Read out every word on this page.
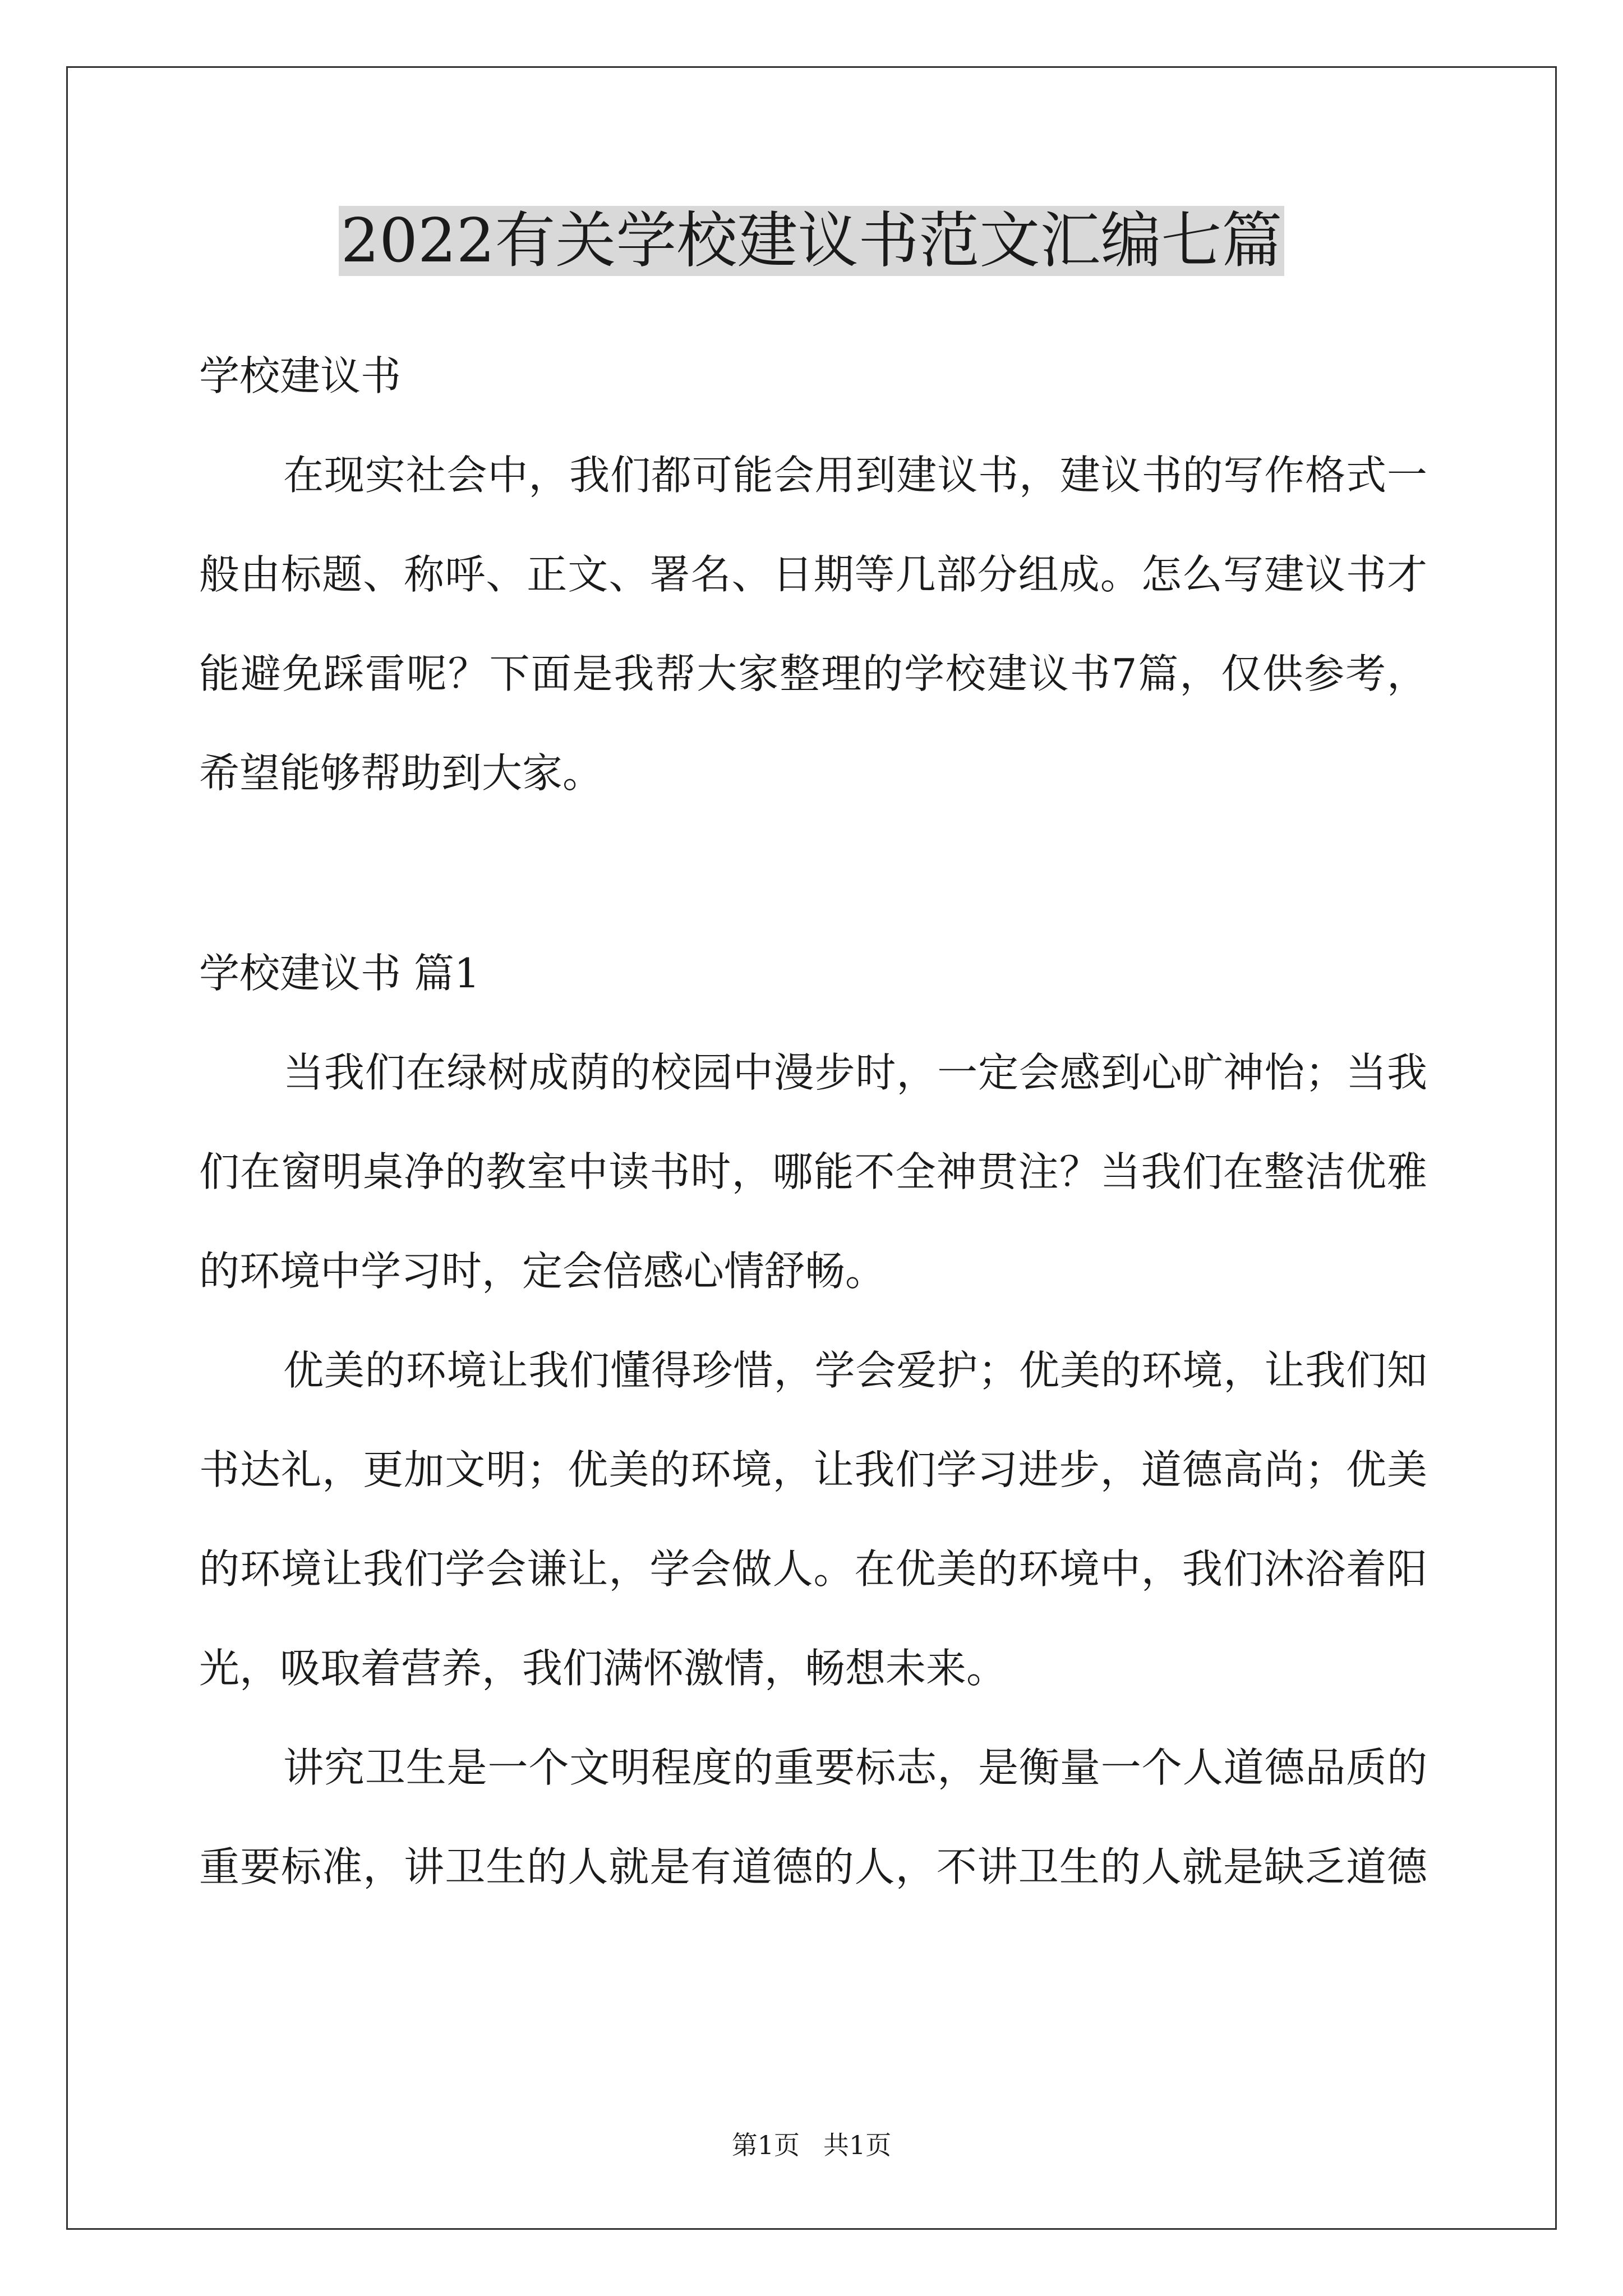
2022有关学校建议书范文汇编七篇
学校建议书
在现实社会中，我们都可能会用到建议书，建议书的写作格式一
般由标题、称呼、正文、署名、日期等几部分组成。怎么写建议书才
能避免踩雷呢？下面是我帮大家整理的学校建议书7篇，仅供参考，
希望能够帮助到大家。
学校建议书 篇1
当我们在绿树成荫的校园中漫步时，一定会感到心旷神怡；当我
们在窗明桌净的教室中读书时，哪能不全神贯注？当我们在整洁优雅
的环境中学习时，定会倍感心情舒畅。
优美的环境让我们懂得珍惜，学会爱护；优美的环境，让我们知
书达礼，更加文明；优美的环境，让我们学习进步，道德高尚；优美
的环境让我们学会谦让，学会做人。在优美的环境中，我们沐浴着阳
光，吸取着营养，我们满怀激情，畅想未来。
讲究卫生是一个文明程度的重要标志，是衡量一个人道德品质的
重要标准，讲卫生的人就是有道德的人，不讲卫生的人就是缺乏道德
第1页 共1页
